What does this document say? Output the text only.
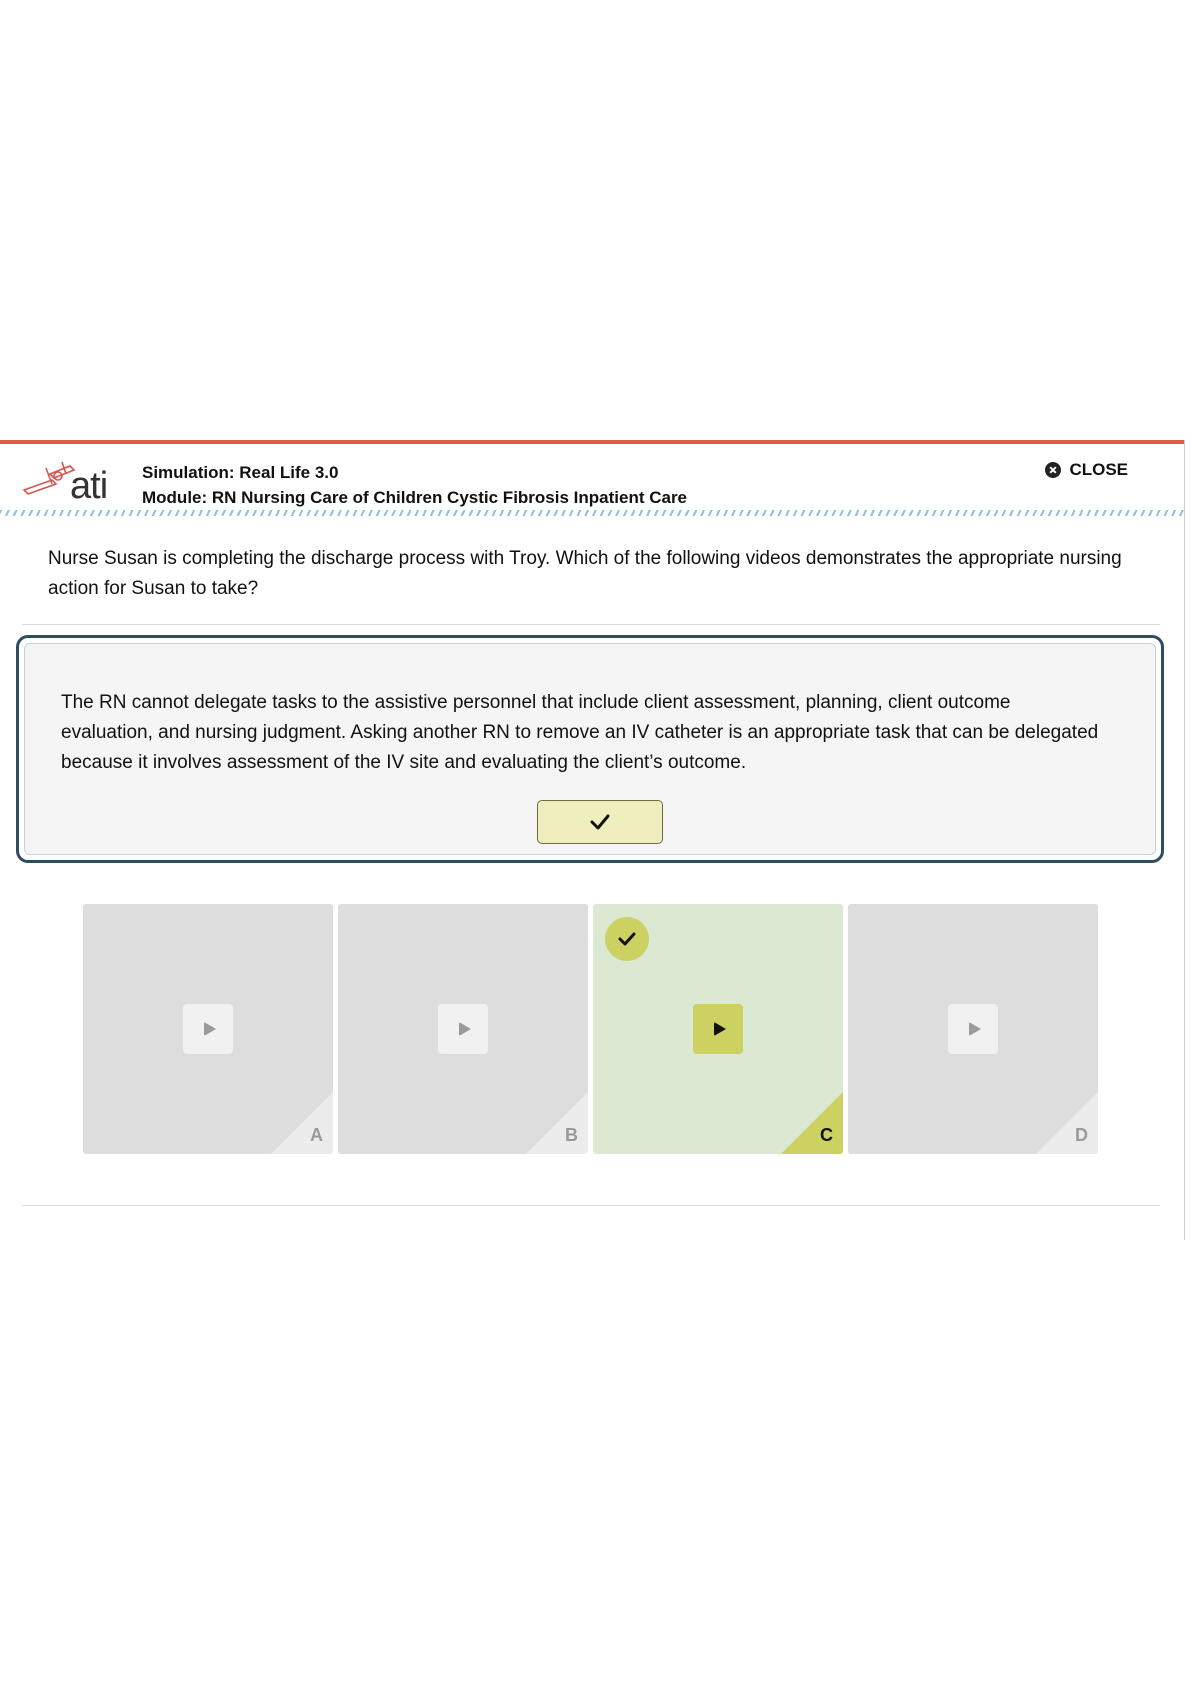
ati Simulation: Real Life 3.0
Module: RN Nursing Care of Children Cystic Fibrosis Inpatient Care
CLOSE
Nurse Susan is completing the discharge process with Troy. Which of the following videos demonstrates the appropriate nursing action for Susan to take?
The RN cannot delegate tasks to the assistive personnel that include client assessment, planning, client outcome evaluation, and nursing judgment. Asking another RN to remove an IV catheter is an appropriate task that can be delegated because it involves assessment of the IV site and evaluating the client’s outcome.
A	B	C	D
